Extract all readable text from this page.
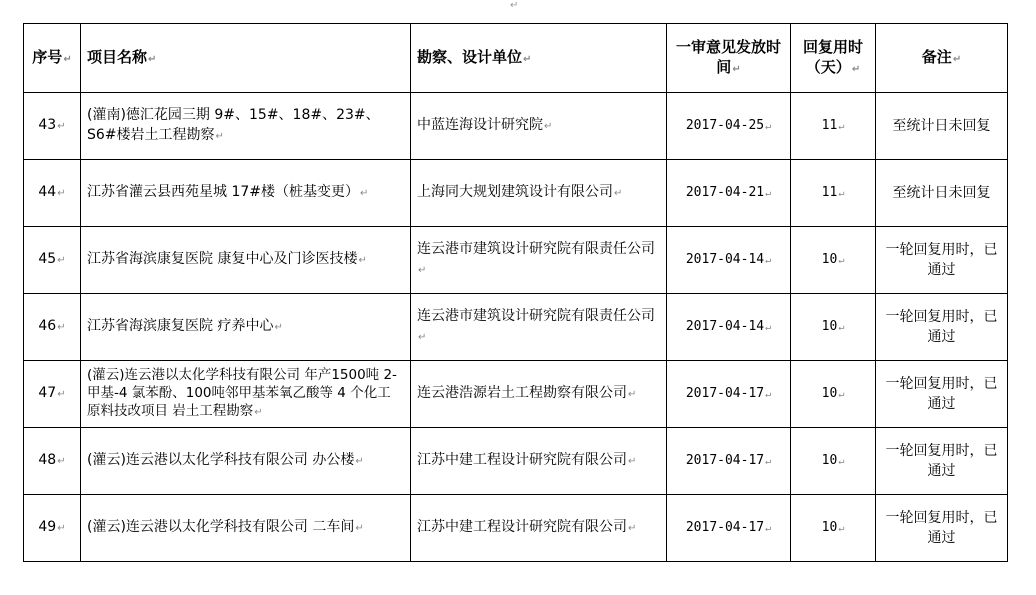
↵
序号↵	项目名称↵	勘察、设计单位↵	一审意见发放时间↵	回复用时（天）↵	备注↵
43↵	(灌南)德汇花园三期 9#、15#、18#、23#、S6#楼岩土工程勘察↵	中蓝连海设计研究院↵	2017-04-25↵	11↵	至统计日未回复
44↵	江苏省灌云县西苑星城 17#楼（桩基变更）↵	上海同大规划建筑设计有限公司↵	2017-04-21↵	11↵	至统计日未回复
45↵	江苏省海滨康复医院 康复中心及门诊医技楼↵	连云港市建筑设计研究院有限责任公司↵	2017-04-14↵	10↵	一轮回复用时，已通过
46↵	江苏省海滨康复医院 疗养中心↵	连云港市建筑设计研究院有限责任公司↵	2017-04-14↵	10↵	一轮回复用时，已通过
47↵	(灌云)连云港以太化学科技有限公司 年产1500吨 2-甲基-4 氯苯酚、100吨邻甲基苯氧乙酸等 4 个化工原料技改项目 岩土工程勘察↵	连云港浩源岩土工程勘察有限公司↵	2017-04-17↵	10↵	一轮回复用时，已通过
48↵	(灌云)连云港以太化学科技有限公司 办公楼↵	江苏中建工程设计研究院有限公司↵	2017-04-17↵	10↵	一轮回复用时，已通过
49↵	(灌云)连云港以太化学科技有限公司 二车间↵	江苏中建工程设计研究院有限公司↵	2017-04-17↵	10↵	一轮回复用时，已通过
